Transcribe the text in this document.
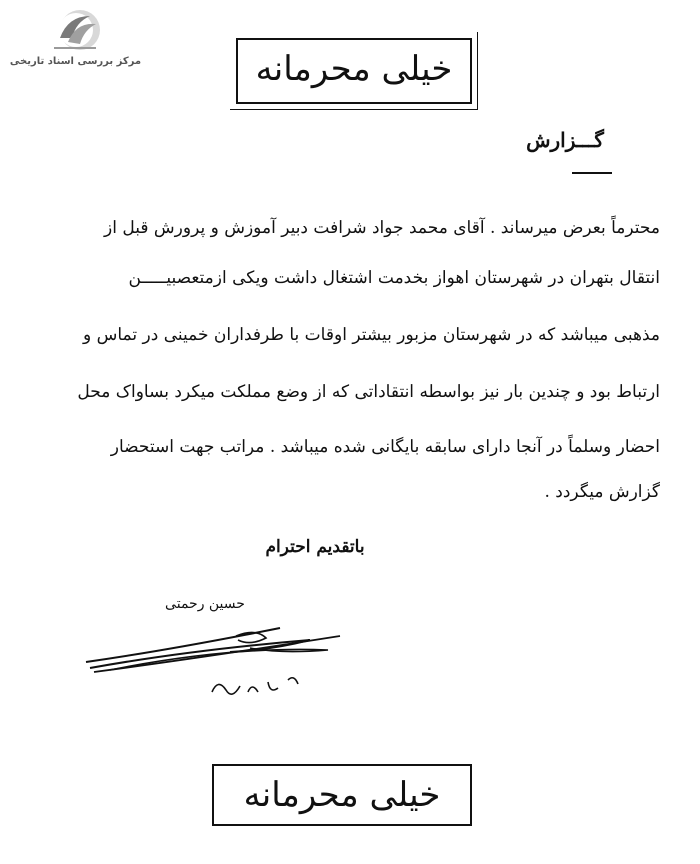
مرکز بررسی اسناد تاریخی	خیلی محرمانه
گـــزارش
محترماً بعرض میرساند . آقای محمد جواد شرافت دبیر آموزش و پرورش قبل از
انتقال بتهران در شهرستان اهواز بخدمت اشتغال داشت ویکی ازمتعصبیـــــن
مذهبی میباشد که در شهرستان مزبور بیشتر اوقات با طرفداران خمینی در تماس و
ارتباط بود و چندین بار نیز بواسطه انتقاداتی که از وضع مملکت میکرد بساواک محل
احضار وسلماً در آنجا دارای سابقه بایگانی شده میباشد . مراتب جهت استحضار
گزارش میگردد .
باتقدیم احترام
حسین رحمتی
خیلی محرمانه
